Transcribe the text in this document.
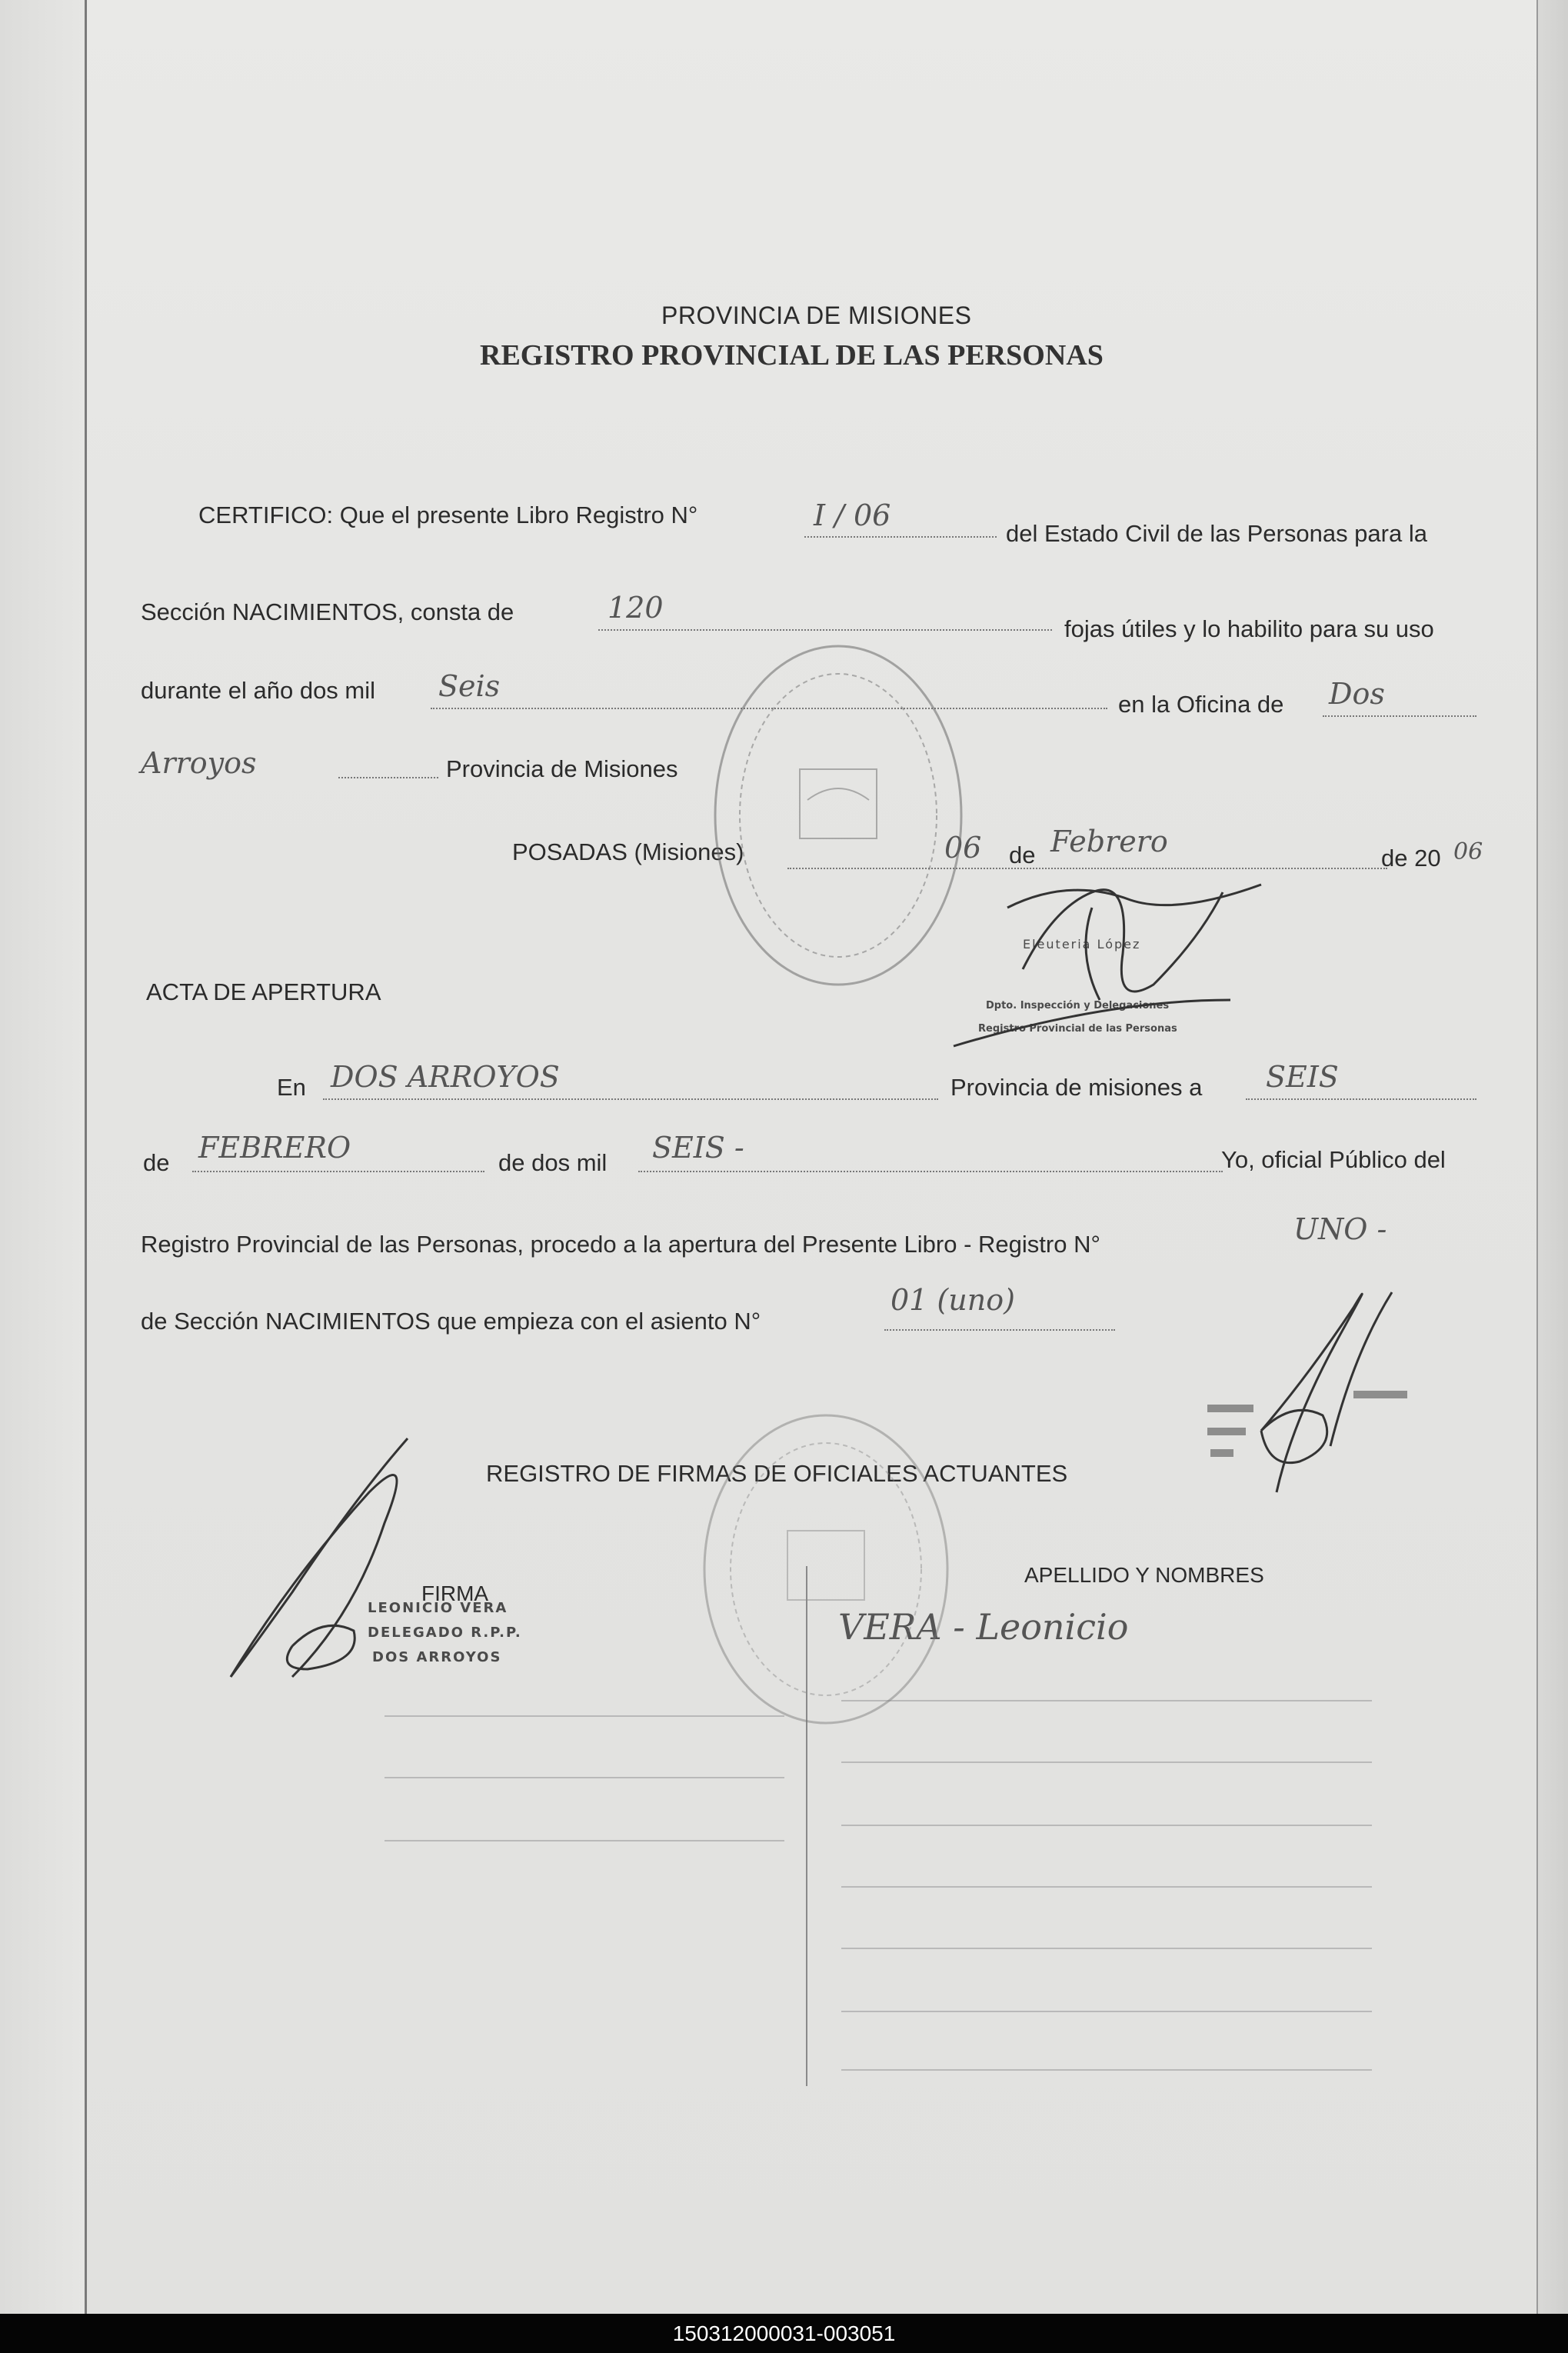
PROVINCIA DE MISIONES
REGISTRO PROVINCIAL DE LAS PERSONAS
CERTIFICO: Que el presente Libro Registro N°	I / 06
del Estado Civil de las Personas para la
Sección NACIMIENTOS, consta de	120
fojas útiles y lo habilito para su uso
durante el año dos mil Seis
en la Oficina de Dos
Arroyos	Provincia de Misiones
POSADAS (Misiones)	06 de Febrero	de 20 06
ACTA DE APERTURA
En DOS ARROYOS	Provincia de misiones a SEIS
de FEBRERO	de dos mil SEIS -	Yo, oficial Público del
Registro Provincial de las Personas, procedo a la apertura del Presente Libro - Registro N°	UNO -
de Sección NACIMIENTOS que empieza con el asiento N°
01 (uno)
REGISTRO DE FIRMAS DE OFICIALES ACTUANTES
FIRMA
APELLIDO Y NOMBRES
VERA - Leonicio
LEONICIO VERA
DELEGADO R.P.P.
DOS ARROYOS
Eleuteria López
Dpto. Inspección y Delegaciones
Registro Provincial de las Personas
150312000031-003051
